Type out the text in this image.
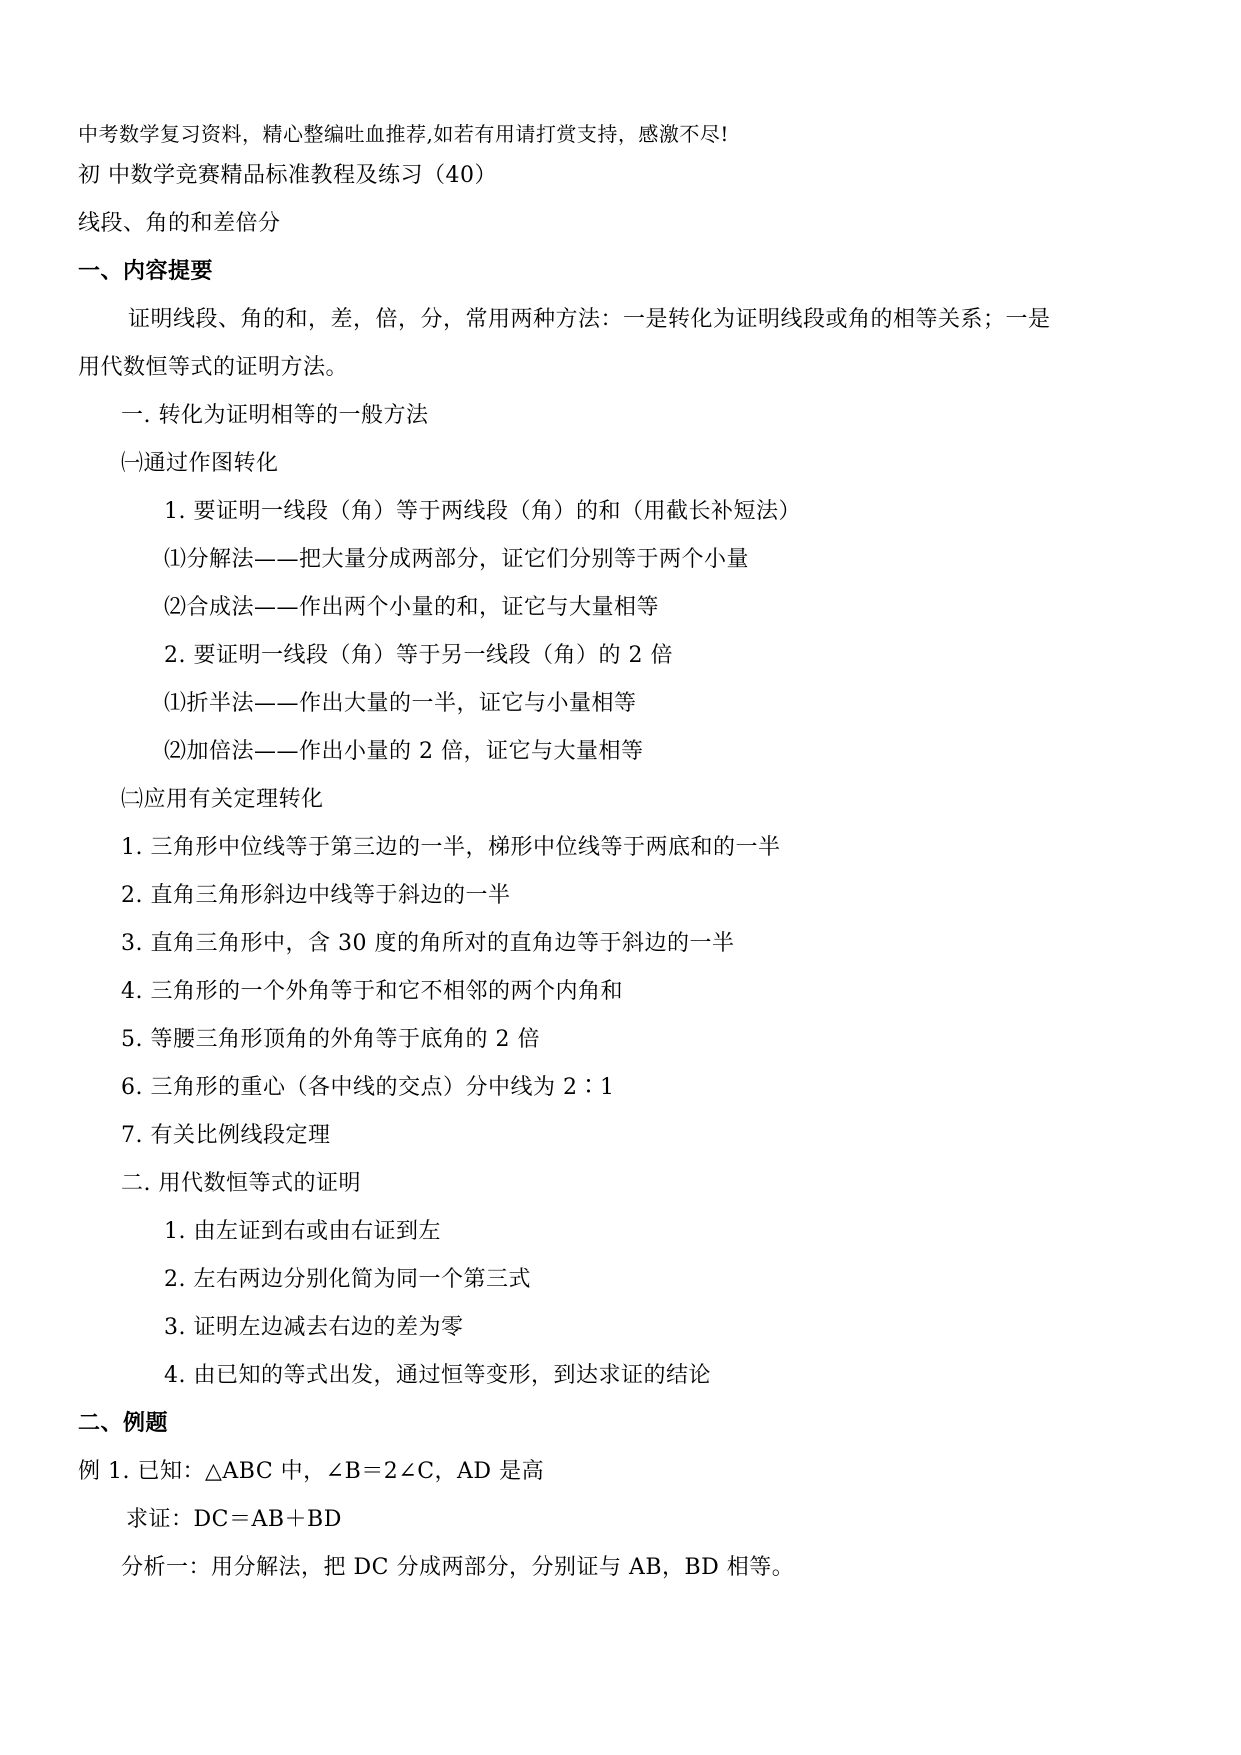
中考数学复习资料，精心整编吐血推荐,如若有用请打赏支持，感激不尽!
初 中数学竞赛精品标准教程及练习（40）
线段、角的和差倍分
一、内容提要
证明线段、角的和，差，倍，分，常用两种方法：一是转化为证明线段或角的相等关系；一是
用代数恒等式的证明方法。
一. 转化为证明相等的一般方法
㈠通过作图转化
1. 要证明一线段（角）等于两线段（角）的和（用截长补短法）
⑴分解法——把大量分成两部分，证它们分别等于两个小量
⑵合成法——作出两个小量的和，证它与大量相等
2. 要证明一线段（角）等于另一线段（角）的 2 倍
⑴折半法——作出大量的一半，证它与小量相等
⑵加倍法——作出小量的 2 倍，证它与大量相等
㈡应用有关定理转化
1. 三角形中位线等于第三边的一半，梯形中位线等于两底和的一半
2. 直角三角形斜边中线等于斜边的一半
3. 直角三角形中，含 30 度的角所对的直角边等于斜边的一半
4. 三角形的一个外角等于和它不相邻的两个内角和
5. 等腰三角形顶角的外角等于底角的 2 倍
6. 三角形的重心（各中线的交点）分中线为 2∶1
7. 有关比例线段定理
二. 用代数恒等式的证明
1. 由左证到右或由右证到左
2. 左右两边分别化简为同一个第三式
3. 证明左边减去右边的差为零
4. 由已知的等式出发，通过恒等变形，到达求证的结论
二、例题
例 1. 已知：△ABC 中，∠B＝2∠C，AD 是高
求证：DC＝AB＋BD
分析一：用分解法，把 DC 分成两部分，分别证与 AB，BD 相等。
